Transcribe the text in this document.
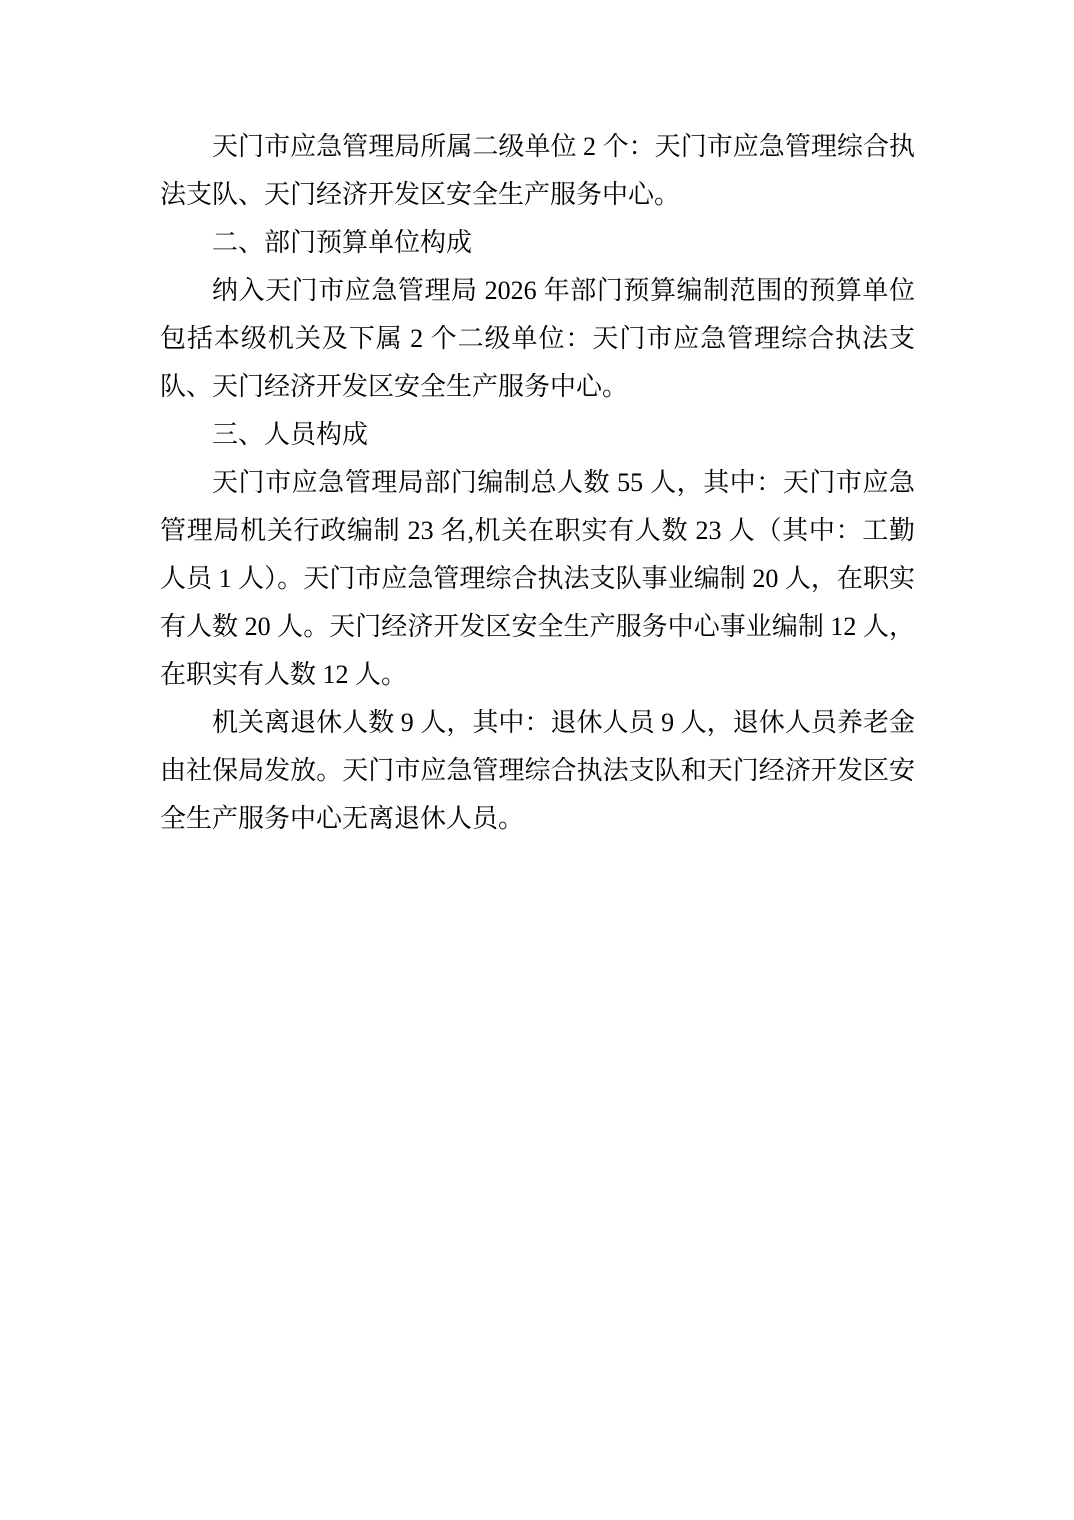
天门市应急管理局所属二级单位 2 个：天门市应急管理综合执法支队、天门经济开发区安全生产服务中心。

二、部门预算单位构成

纳入天门市应急管理局 2026 年部门预算编制范围的预算单位包括本级机关及下属 2 个二级单位：天门市应急管理综合执法支队、天门经济开发区安全生产服务中心。

三、人员构成

天门市应急管理局部门编制总人数 55 人，其中：天门市应急管理局机关行政编制 23 名,机关在职实有人数 23 人（其中：工勤人员 1 人）。天门市应急管理综合执法支队事业编制 20 人，在职实有人数 20 人。天门经济开发区安全生产服务中心事业编制 12 人，在职实有人数 12 人。

机关离退休人数 9 人，其中：退休人员 9 人，退休人员养老金由社保局发放。天门市应急管理综合执法支队和天门经济开发区安全生产服务中心无离退休人员。
